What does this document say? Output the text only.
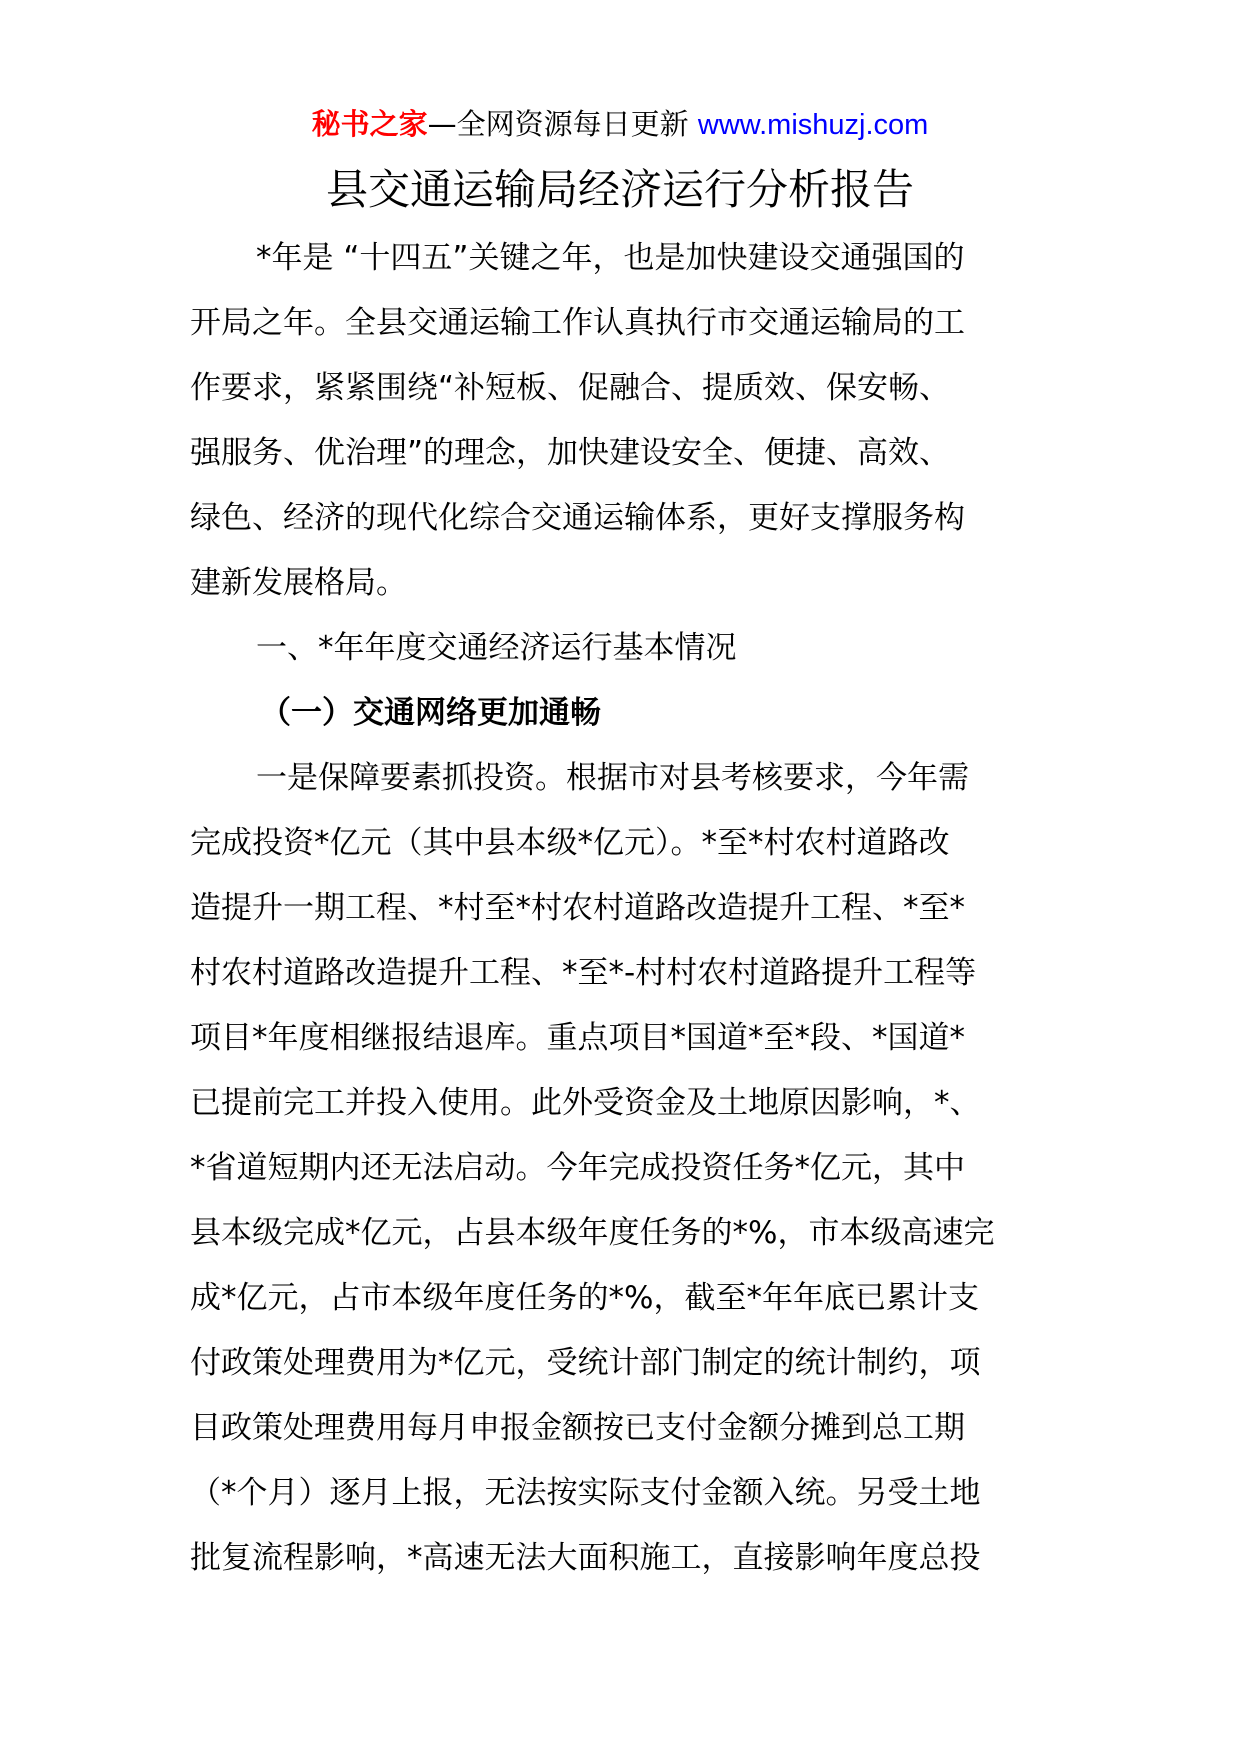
秘书之家—全网资源每日更新 www.mishuzj.com
县交通运输局经济运行分析报告
*年是 “十四五”关键之年，也是加快建设交通强国的
开局之年。全县交通运输工作认真执行市交通运输局的工
作要求，紧紧围绕“补短板、促融合、提质效、保安畅、
强服务、优治理”的理念，加快建设安全、便捷、高效、
绿色、经济的现代化综合交通运输体系，更好支撑服务构
建新发展格局。
一、*年年度交通经济运行基本情况
（一）交通网络更加通畅
一是保障要素抓投资。根据市对县考核要求，今年需
完成投资*亿元（其中县本级*亿元）。*至*村农村道路改
造提升一期工程、*村至*村农村道路改造提升工程、*至*
村农村道路改造提升工程、*至*-村村农村道路提升工程等
项目*年度相继报结退库。重点项目*国道*至*段、*国道*
已提前完工并投入使用。此外受资金及土地原因影响，*、
*省道短期内还无法启动。今年完成投资任务*亿元，其中
县本级完成*亿元，占县本级年度任务的*%，市本级高速完
成*亿元，占市本级年度任务的*%，截至*年年底已累计支
付政策处理费用为*亿元，受统计部门制定的统计制约，项
目政策处理费用每月申报金额按已支付金额分摊到总工期
（*个月）逐月上报，无法按实际支付金额入统。另受土地
批复流程影响，*高速无法大面积施工，直接影响年度总投
